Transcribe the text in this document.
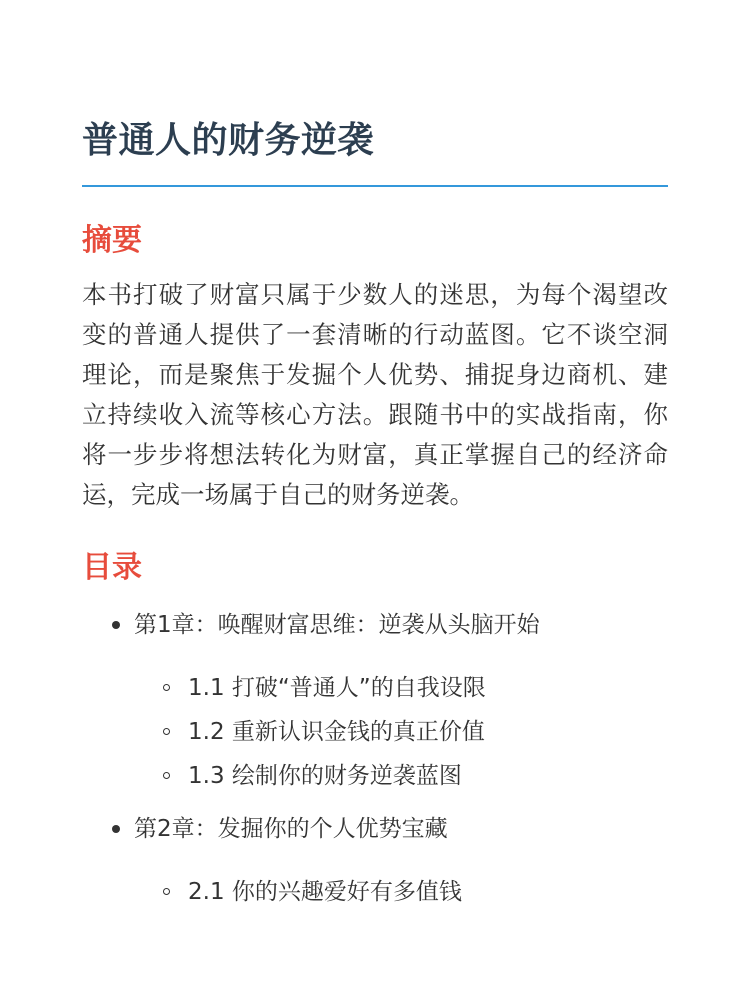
普通人的财务逆袭
摘要

本书打破了财富只属于少数人的迷思，为每个渴望改变的普通人提供了一套清晰的行动蓝图。它不谈空洞理论，而是聚焦于发掘个人优势、捕捉身边商机、建立持续收入流等核心方法。跟随书中的实战指南，你将一步步将想法转化为财富，真正掌握自己的经济命运，完成一场属于自己的财务逆袭。

目录
第1章：唤醒财富思维：逆袭从头脑开始
1.1 打破“普通人”的自我设限
1.2 重新认识金钱的真正价值
1.3 绘制你的财务逆袭蓝图
第2章：发掘你的个人优势宝藏
2.1 你的兴趣爱好有多值钱
